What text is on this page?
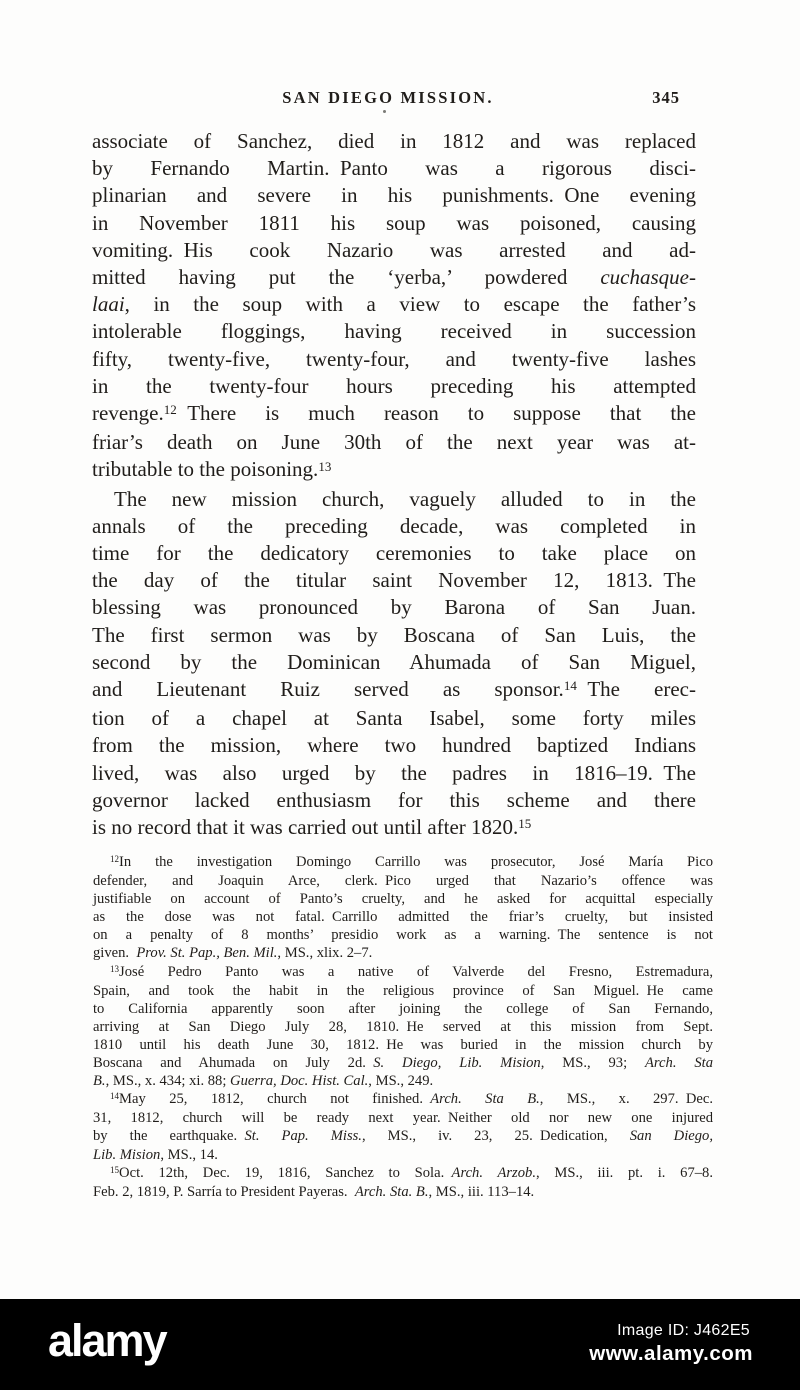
SAN DIEGO MISSION.	345
associate of Sanchez, died in 1812 and was replaced
by Fernando Martin. Panto was a rigorous disci-
plinarian and severe in his punishments. One evening
in November 1811 his soup was poisoned, causing
vomiting. His cook Nazario was arrested and ad-
mitted having put the ‘yerba,’ powdered cuchasque-
laai, in the soup with a view to escape the father’s
intolerable floggings, having received in succession
fifty, twenty-five, twenty-four, and twenty-five lashes
in the twenty-four hours preceding his attempted
revenge.$^{12}$ There is much reason to suppose that the
friar’s death on June 30th of the next year was at-
tributable to the poisoning.$^{13}$
The new mission church, vaguely alluded to in the
annals of the preceding decade, was completed in
time for the dedicatory ceremonies to take place on
the day of the titular saint November 12, 1813. The
blessing was pronounced by Barona of San Juan.
The first sermon was by Boscana of San Luis, the
second by the Dominican Ahumada of San Miguel,
and Lieutenant Ruiz served as sponsor.$^{14}$ The erec-
tion of a chapel at Santa Isabel, some forty miles
from the mission, where two hundred baptized Indians
lived, was also urged by the padres in 1816–19. The
governor lacked enthusiasm for this scheme and there
is no record that it was carried out until after 1820.15
$^{12}$In the investigation Domingo Carrillo was prosecutor, José María Pico
defender, and Joaquin Arce, clerk. Pico urged that Nazario’s offence was
justifiable on account of Panto’s cruelty, and he asked for acquittal especially
as the dose was not fatal. Carrillo admitted the friar’s cruelty, but insisted
on a penalty of 8 months’ presidio work as a warning. The sentence is not
given. Prov. St. Pap., Ben. Mil., MS., xlix. 2–7.
$^{13}$José Pedro Panto was a native of Valverde del Fresno, Estremadura,
Spain, and took the habit in the religious province of San Miguel. He came
to California apparently soon after joining the college of San Fernando,
arriving at San Diego July 28, 1810. He served at this mission from Sept.
1810 until his death June 30, 1812. He was buried in the mission church by
Boscana and Ahumada on July 2d. S. Diego, Lib. Mision, MS., 93; Arch. Sta
B., MS., x. 434; xi. 88; Guerra, Doc. Hist. Cal., MS., 249.
$^{14}$May 25, 1812, church not finished. Arch. Sta B., MS., x. 297. Dec.
31, 1812, church will be ready next year. Neither old nor new one injured
by the earthquake. St. Pap. Miss., MS., iv. 23, 25. Dedication, San Diego,
Lib. Mision, MS., 14.
$^{15}$Oct. 12th, Dec. 19, 1816, Sanchez to Sola. Arch. Arzob., MS., iii. pt. i. 67–8.
Feb. 2, 1819, P. Sarría to President Payeras. Arch. Sta. B., MS., iii. 113–14.
alamy	Image ID: J462E5
www.alamy.com
